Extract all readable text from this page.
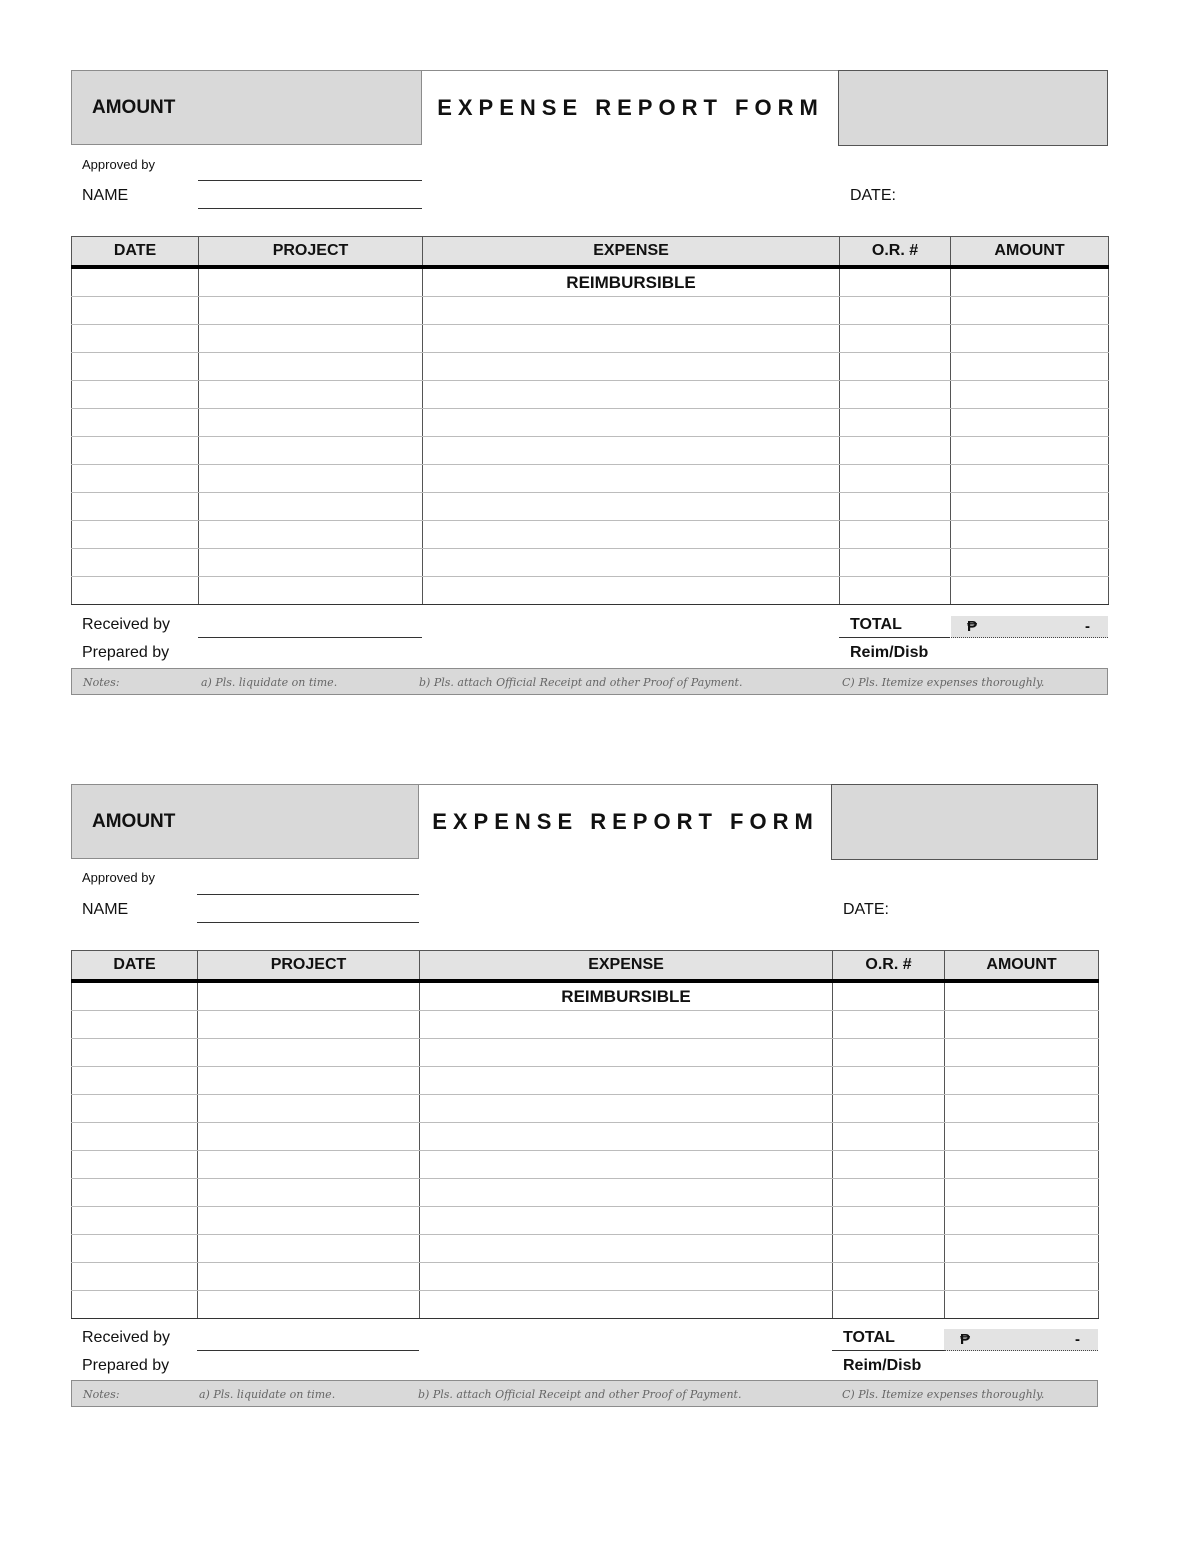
AMOUNT	EXPENSE REPORT FORM
Approved by
NAME	DATE:
DATE	PROJECT	EXPENSE	O.R. #	AMOUNT
		REIMBURSIBLE		

Received by
Prepared by
TOTAL	₱	-
Reim/Disb
Notes:	a) Pls. liquidate on time.	b) Pls. attach Official Receipt and other Proof of Payment.	C) Pls. Itemize expenses thoroughly.
AMOUNT	EXPENSE REPORT FORM
Approved by
NAME	DATE:
DATE	PROJECT	EXPENSE	O.R. #	AMOUNT
		REIMBURSIBLE		

Received by
Prepared by
TOTAL	₱	-
Reim/Disb
Notes:	a) Pls. liquidate on time.	b) Pls. attach Official Receipt and other Proof of Payment.	C) Pls. Itemize expenses thoroughly.
